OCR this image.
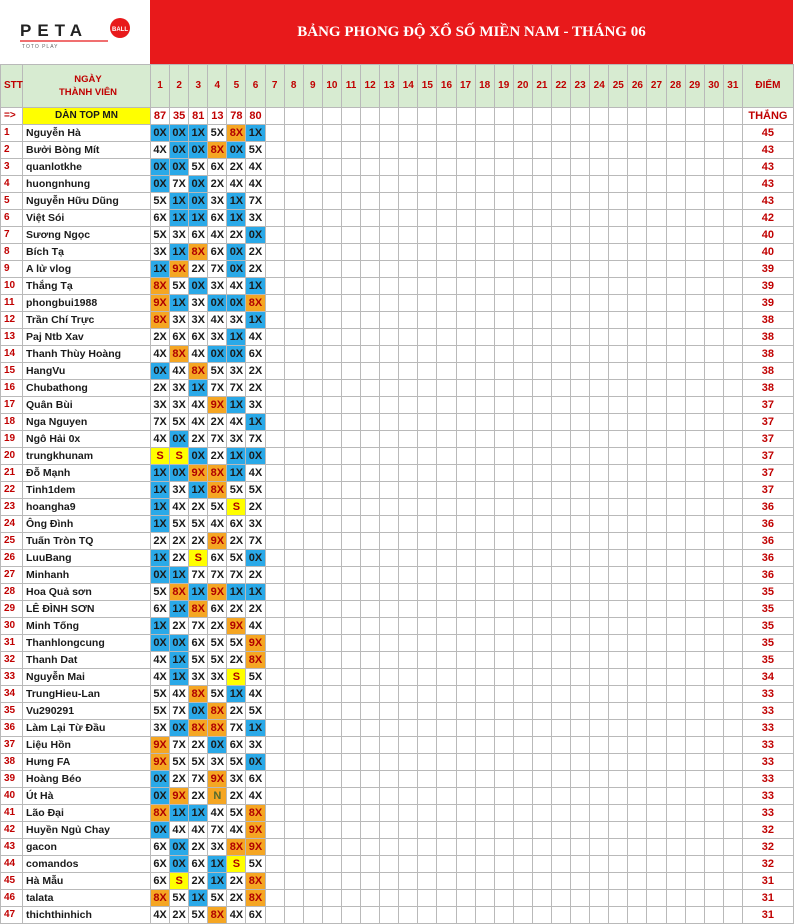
PETA	BALL
TOTO PLAY
BẢNG PHONG ĐỘ XỔ SỐ MIỀN NAM - THÁNG 06
STT	NGÀY
THÀNH VIÊN	1	2	3	4	5	6	7	8	9	10	11	12	13	14	15	16	17	18	19	20	21	22	23	24	25	26	27	28	29	30	31	ĐIỂM
=>	DÀN TOP MN	87	35	81	13	78	80																										THẮNG
1	Nguyễn Hà	0X	0X	1X	5X	8X	1X																										45
2	Bưởi Bòng Mít	4X	0X	0X	8X	0X	5X																										43
3	quanlotkhe	0X	0X	5X	6X	2X	4X																										43
4	huongnhung	0X	7X	0X	2X	4X	4X																										43
5	Nguyễn Hữu Dũng	5X	1X	0X	3X	1X	7X																										43
6	Việt Sói	6X	1X	1X	6X	1X	3X																										42
7	Sương Ngọc	5X	3X	6X	4X	2X	0X																										40
8	Bích Tạ	3X	1X	8X	6X	0X	2X																										40
9	A lử vlog	1X	9X	2X	7X	0X	2X																										39
10	Thắng Tạ	8X	5X	0X	3X	4X	1X																										39
11	phongbui1988	9X	1X	3X	0X	0X	8X																										39
12	Trần Chí Trực	8X	3X	3X	4X	3X	1X																										38
13	Paj Ntb Xav	2X	6X	6X	3X	1X	4X																										38
14	Thanh Thùy Hoàng	4X	8X	4X	0X	0X	6X																										38
15	HangVu	0X	4X	8X	5X	3X	2X																										38
16	Chubathong	2X	3X	1X	7X	7X	2X																										38
17	Quân Bùi	3X	3X	4X	9X	1X	3X																										37
18	Nga Nguyen	7X	5X	4X	2X	4X	1X																										37
19	Ngô Hải 0x	4X	0X	2X	7X	3X	7X																										37
20	trungkhunam	S	S	0X	2X	1X	0X																										37
21	Đỗ Mạnh	1X	0X	9X	8X	1X	4X																										37
22	Tinh1dem	1X	3X	1X	8X	5X	5X																										37
23	hoangha9	1X	4X	2X	5X	S	2X																										36
24	Ông Đình	1X	5X	5X	4X	6X	3X																										36
25	Tuấn Tròn TQ	2X	2X	2X	9X	2X	7X																										36
26	LuuBang	1X	2X	S	6X	5X	0X																										36
27	Minhanh	0X	1X	7X	7X	7X	2X																										36
28	Hoa Quả sơn	5X	8X	1X	9X	1X	1X																										35
29	LÊ ĐÌNH SƠN	6X	1X	8X	6X	2X	2X																										35
30	Minh Tống	1X	2X	7X	2X	9X	4X																										35
31	Thanhlongcung	0X	0X	6X	5X	5X	9X																										35
32	Thanh Dat	4X	1X	5X	5X	2X	8X																										35
33	Nguyễn Mai	4X	1X	3X	3X	S	5X																										34
34	TrungHieu-Lan	5X	4X	8X	5X	1X	4X																										33
35	Vu290291	5X	7X	0X	8X	2X	5X																										33
36	Làm Lại Từ Đầu	3X	0X	8X	8X	7X	1X																										33
37	Liệu Hồn	9X	7X	2X	0X	6X	3X																										33
38	Hưng FA	9X	5X	5X	3X	5X	0X																										33
39	Hoàng Béo	0X	2X	7X	9X	3X	6X																										33
40	Út Hà	0X	9X	2X	N	2X	4X																										33
41	Lão Đại	8X	1X	1X	4X	5X	8X																										33
42	Huyền Ngủ Chay	0X	4X	4X	7X	4X	9X																										32
43	gacon	6X	0X	2X	3X	8X	9X																										32
44	comandos	6X	0X	6X	1X	S	5X																										32
45	Hà Mẫu	6X	S	2X	1X	2X	8X																										31
46	talata	8X	5X	1X	5X	2X	8X																										31
47	thichthinhich	4X	2X	5X	8X	4X	6X																										31
